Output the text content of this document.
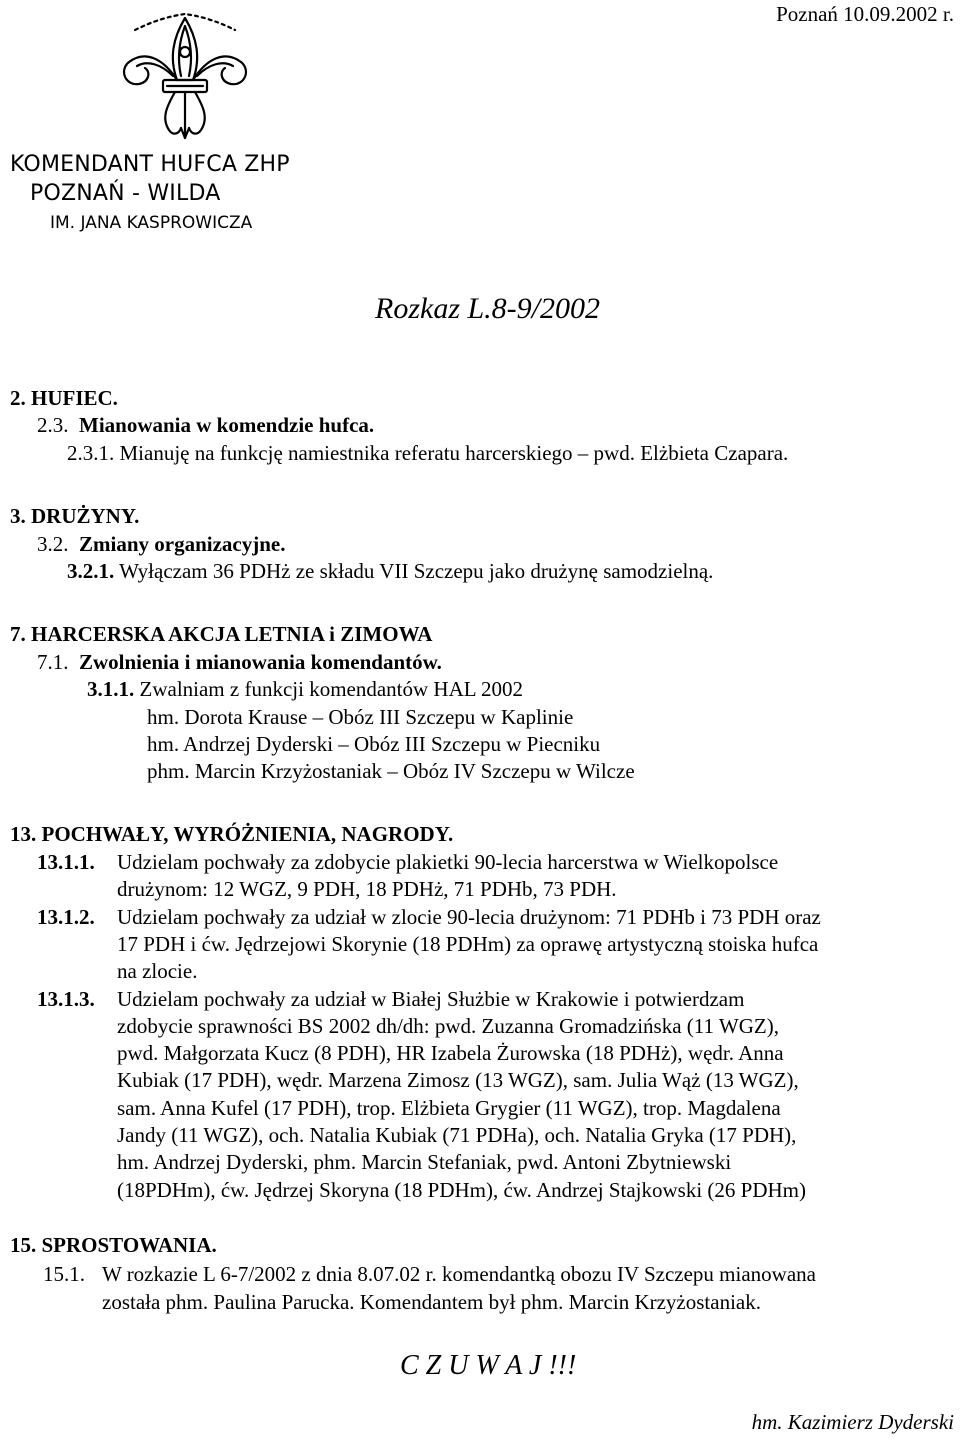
Poznań 10.09.2002 r.
KOMENDANT HUFCA ZHP
POZNAŃ - WILDA
IM. JANA KASPROWICZA
Rozkaz L.8-9/2002
2. HUFIEC.
2.3. Mianowania w komendzie hufca.
2.3.1. Mianuję na funkcję namiestnika referatu harcerskiego – pwd. Elżbieta Czapara.
3. DRUŻYNY.
3.2. Zmiany organizacyjne.
3.2.1. Wyłączam 36 PDHż ze składu VII Szczepu jako drużynę samodzielną.
7. HARCERSKA AKCJA LETNIA i ZIMOWA
7.1. Zwolnienia i mianowania komendantów.
3.1.1. Zwalniam z funkcji komendantów HAL 2002
hm. Dorota Krause – Obóz III Szczepu w Kaplinie
hm. Andrzej Dyderski – Obóz III Szczepu w Piecniku
phm. Marcin Krzyżostaniak – Obóz IV Szczepu w Wilcze
13. POCHWAŁY, WYRÓŻNIENIA, NAGRODY.
13.1.1. Udzielam pochwały za zdobycie plakietki 90-lecia harcerstwa w Wielkopolsce
drużynom: 12 WGZ, 9 PDH, 18 PDHż, 71 PDHb, 73 PDH.
13.1.2. Udzielam pochwały za udział w zlocie 90-lecia drużynom: 71 PDHb i 73 PDH oraz
17 PDH i ćw. Jędrzejowi Skorynie (18 PDHm) za oprawę artystyczną stoiska hufca
na zlocie.
13.1.3. Udzielam pochwały za udział w Białej Służbie w Krakowie i potwierdzam
zdobycie sprawności BS 2002 dh/dh: pwd. Zuzanna Gromadzińska (11 WGZ),
pwd. Małgorzata Kucz (8 PDH), HR Izabela Żurowska (18 PDHż), wędr. Anna
Kubiak (17 PDH), wędr. Marzena Zimosz (13 WGZ), sam. Julia Wąż (13 WGZ),
sam. Anna Kufel (17 PDH), trop. Elżbieta Grygier (11 WGZ), trop. Magdalena
Jandy (11 WGZ), och. Natalia Kubiak (71 PDHa), och. Natalia Gryka (17 PDH),
hm. Andrzej Dyderski, phm. Marcin Stefaniak, pwd. Antoni Zbytniewski
(18PDHm), ćw. Jędrzej Skoryna (18 PDHm), ćw. Andrzej Stajkowski (26 PDHm)
15. SPROSTOWANIA.
15.1. W rozkazie L 6-7/2002 z dnia 8.07.02 r. komendantką obozu IV Szczepu mianowana
została phm. Paulina Parucka. Komendantem był phm. Marcin Krzyżostaniak.
C Z U W A J !!!
hm. Kazimierz Dyderski
